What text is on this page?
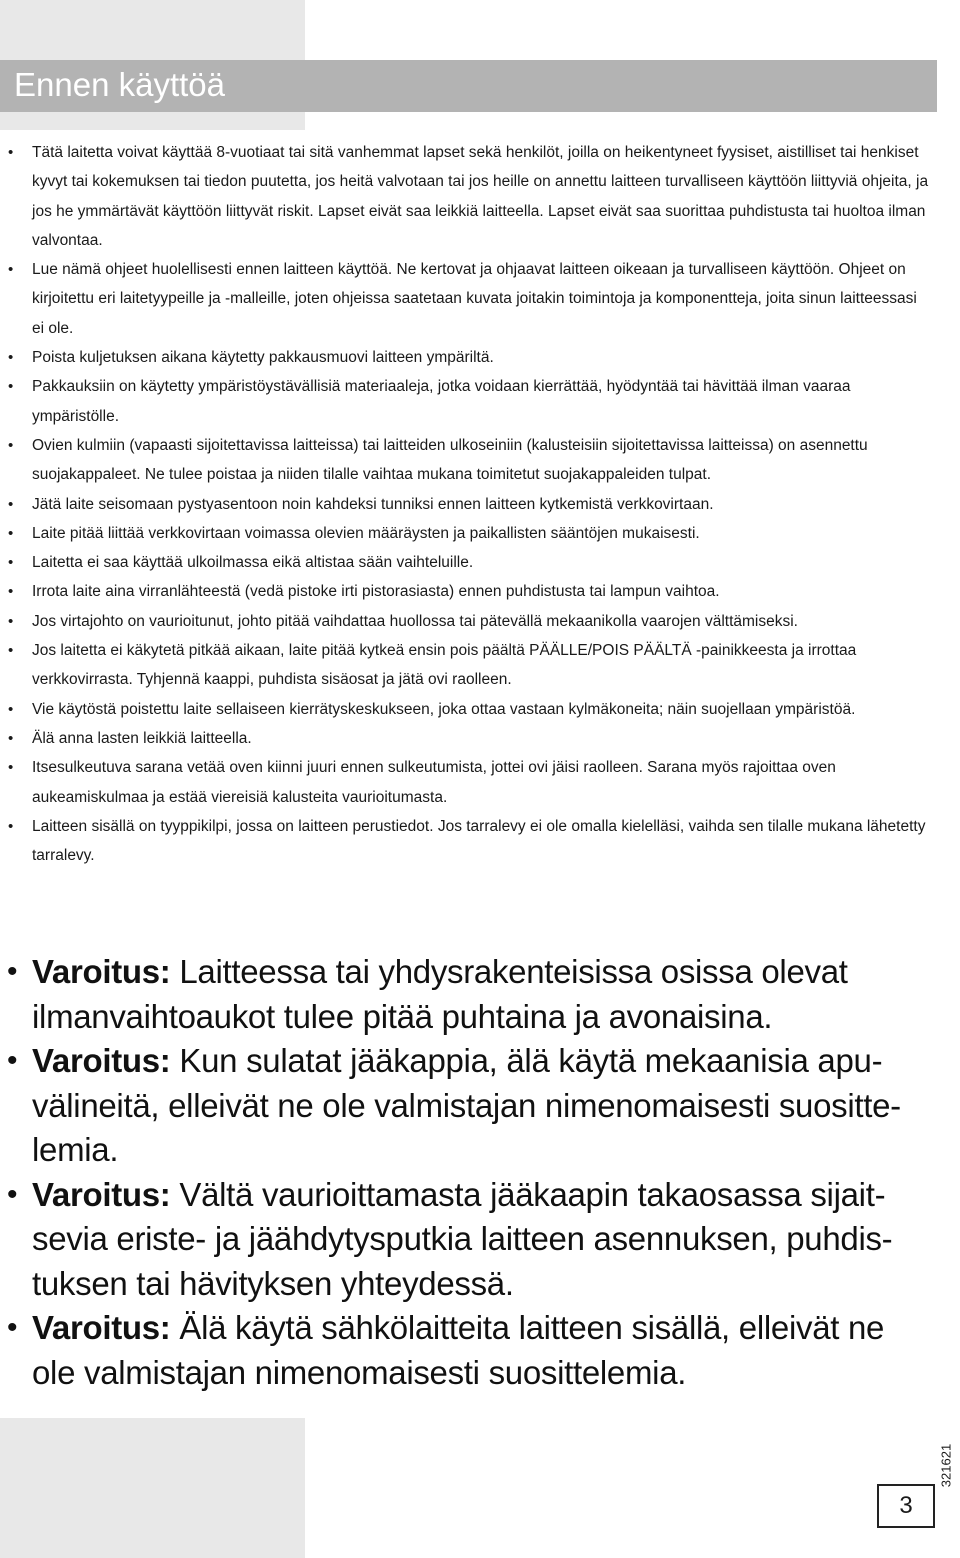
Ennen käyttöä
• Tätä laitetta voivat käyttää 8-vuotiaat tai sitä vanhemmat lapset sekä henkilöt, joilla on heikentyneet fyysiset, aistilliset tai henkiset kyvyt tai kokemuksen tai tiedon puutetta, jos heitä valvotaan tai jos heille on annettu laitteen turvalliseen käyttöön liittyviä ohjeita, ja jos he ymmärtävät käyttöön liittyvät riskit. Lapset eivät saa leikkiä laitteella. Lapset eivät saa suorittaa puhdistusta tai huoltoa ilman valvontaa.
• Lue nämä ohjeet huolellisesti ennen laitteen käyttöä. Ne kertovat ja ohjaavat laitteen oikeaan ja turvalliseen käyttöön. Ohjeet on kirjoitettu eri laitetyypeille ja -malleille, joten ohjeissa saatetaan kuvata joitakin toimintoja ja komponentteja, joita sinun laitteessasi ei ole.
• Poista kuljetuksen aikana käytetty pakkausmuovi laitteen ympäriltä.
• Pakkauksiin on käytetty ympäristöystävällisiä materiaaleja, jotka voidaan kierrättää, hyödyntää tai hävittää ilman vaaraa ympäristölle.
• Ovien kulmiin (vapaasti sijoitettavissa laitteissa) tai laitteiden ulkoseiniin (kalusteisiin sijoitettavissa laitteissa) on asennettu suojakappaleet. Ne tulee poistaa ja niiden tilalle vaihtaa mukana toimitetut suojakappaleiden tulpat.
• Jätä laite seisomaan pystyasentoon noin kahdeksi tunniksi ennen laitteen kytkemistä verkkovirtaan.
• Laite pitää liittää verkkovirtaan voimassa olevien määräysten ja paikallisten sääntöjen mukaisesti.
• Laitetta ei saa käyttää ulkoilmassa eikä altistaa sään vaihteluille.
• Irrota laite aina virranlähteestä (vedä pistoke irti pistorasiasta) ennen puhdistusta tai lampun vaihtoa.
• Jos virtajohto on vaurioitunut, johto pitää vaihdattaa huollossa tai pätevällä mekaanikolla vaarojen välttämiseksi.
• Jos laitetta ei käkytetä pitkää aikaan, laite pitää kytkeä ensin pois päältä PÄÄLLE/POIS PÄÄLTÄ -painikkeesta ja irrottaa verkkovirrasta. Tyhjennä kaappi, puhdista sisäosat ja jätä ovi raolleen.
• Vie käytöstä poistettu laite sellaiseen kierrätyskeskukseen, joka ottaa vastaan kylmäkoneita; näin suojellaan ympäristöä.
• Älä anna lasten leikkiä laitteella.
• Itsesulkeutuva sarana vetää oven kiinni juuri ennen sulkeutumista, jottei ovi jäisi raolleen. Sarana myös rajoittaa oven aukeamiskulmaa ja estää viereisiä kalusteita vaurioitumasta.
• Laitteen sisällä on tyyppikilpi, jossa on laitteen perustiedot. Jos tarralevy ei ole omalla kielelläsi, vaihda sen tilalle mukana lähetetty tarralevy.
• Varoitus: Laitteessa tai yhdysrakenteisissa osissa olevat ilmanvaihtoaukot tulee pitää puhtaina ja avonaisina.
• Varoitus: Kun sulatat jääkappia, älä käytä mekaanisia apu-välineitä, elleivät ne ole valmistajan nimenomaisesti suositte-lemia.
• Varoitus: Vältä vaurioittamasta jääkaapin takaosassa sijait-sevia eriste- ja jäähdytysputkia laitteen asennuksen, puhdis-tuksen tai hävityksen yhteydessä.
• Varoitus: Älä käytä sähkölaitteita laitteen sisällä, elleivät ne ole valmistajan nimenomaisesti suosittelemia.
321621
3
